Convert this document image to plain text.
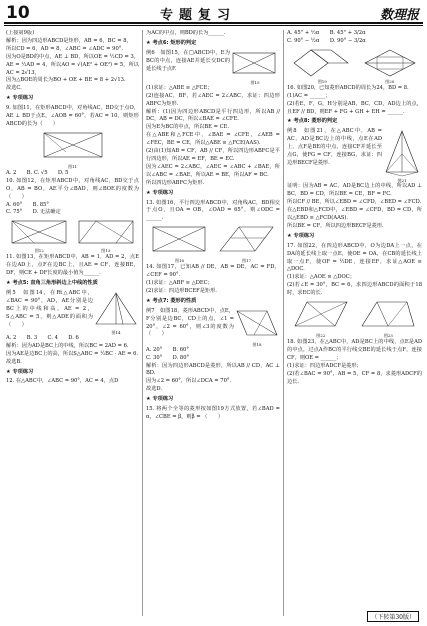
10	专题复习	数理报

(上接第9版)

解析：因为四边形ABCD是矩形，AB = 6，BC = 8，

所以CD = 6，AD = 8，∠ABC = ∠ADC = 90°.

因为O是BD的中点，AE ⊥ BD，所以OE = ½CD = 3，AE = ½AD = 4，所以AO = √(AE² + OE²) = 5，所以AC = 2√13，

因为△BOE的周长为BO + OE + BE = 8 + 2√13.

故选C.

★ 专项练习

9. 如图11，在矩形ABCD中，对角线AC，BD交于点O，AE ⊥ BD于点E，∠AOB = 60°，若AC = 10，则矩形ABCD的长为（　　）

图11

A. 2　　B. C. √5　　D. 5

10. 如图12，在矩形ABCD中，对角线AC，BD交于点O，AB = BO，AE平分∠BAD，则∠BOE的度数为（　　）

A. 60°　　B. 85°

C. 75°　　D. 无法确定

图12	图13

11. 如图13，在矩形ABCD中，AB = 1，AD = 2，点E在边AD上，点F在边BC上，且AE = CF，连接BE，DF，则CE + DF长度的最小值为______.

★ 考点5: 直角三角形斜边上中线的性质

例5　如图14，在Rt△ABC中，∠BAC = 90°，AD，AE分别是边BC上的中线和高，AE = 2，S△ABC = 5，则△ADE的面积为（　　）

图14

A. 2　　B. 3　　C. 4　　D. 6

解析：因为AD是BC上的中线，所以BC = 2AD = 6.

因为AE是边BC上的高，所以S△ABC = ½BC · AE = 6.

故选B.

★ 专项练习

12. 在△ABC中，∠ABC = 90°，AC = 4，点D

为AC的中点，则BD的长为______.

★ 考点6: 矩形的判定

例6　如图15，在□ABCD中，E为BC的中点，连接AE并延长交DC的延长线于点F.

图15

(1)求证：△ABE ≌ △FCE；

(2)连接AC，BF，若∠AEC = 2∠ABC，求证：四边形ABFC为矩形.

解析：(1)因为四边形ABCD是平行四边形，所以AB // DC，AB = DC，所以∠BAE = ∠CFE.

因为E为BC的中点，所以BE = CE.

在△ABE和△FCE中，∠BAE = ∠CFE，∠AEB = ∠FEC，BE = CE，所以△ABE ≌ △FCE(AAS).

(2)由(1)知AB = CF，AB // CF，所以四边形ABFC是平行四边形，所以AE = EF，BE = EC.

因为∠AEC = 2∠ABC，∠AEC = ∠ABC + ∠BAE，所以∠ABC = ∠BAE，所以AE = BE，所以AF = BC.

所以四边形ABFC为矩形.

★ 专项练习

13. 如图16，平行四边形ABCD中，对角线AC，BD相交于点O，且OA = OB，∠OAD = 65°，则∠ODC = ______.

图16	图17

14. 如图17，已知AB // DE，AB = DE，AC = FD，∠CEF = 90°.

(1)求证：△ABF ≌ △DEC；

(2)求证：四边形BCEF是矩形.

★ 考点7: 菱形的性质

例7　如图18，菱形ABCD中，点E，F分别是边BC，CD上的点，∠1 = 20°，∠2 = 60°，则∠3的度数为（　　）

图18

A. 20°　　B. 60°

C. 30°　　D. 80°

解析：因为四边形ABCD是菱形，所以AB // CD，AC ⊥ BD.

因为∠2 = 60°，所以∠DCA = 70°.

故选D.

★ 专项练习

15. 将两个全等的菱形按如图19方式放置，若∠BAD = α，∠CBE = β，则β = （　　）

A. 45° + ½α　　B. 45° + 3/2α

C. 90° − ½α　　D. 90° − 3/2α

图19	图20

16. 如图20，已知菱形ABCD的周长为24，BD = 8.

(1)AC = ______；

(2)若E，F，G，H分别是AB，BC，CD，AD边上的点，且EF // BD，则EF + FG + GH + EH = ______.

★ 考点8: 菱形的判定

例8　如图21，在△ABC中，AB = AC，AD是BC边上的中线，点E在AD上，点F是BE的中点，连接CF并延长至点G，使FG = CF，连接BG，求证：四边形BECF是菱形.

图21

证明：因为AB = AC，AD是BC边上的中线，所以AD ⊥ BC，BD = CD，所以BE = CE，BF = FC.

所以CF // BE，所以∠EBD = ∠CFD，∠BED = ∠FCD.

在△EBD和△FCD中，∠EBD = ∠CFD，BD = CD，所以△EBD ≌ △FCD(AAS).

所以BE = CF，所以四边形BECF是菱形.

★ 专项练习

17. 如图22，在四边形ABCD中，O为边DA上一点，在DA的延长线上取一点E，使OE = OA，在CB的延长线上取一点F，使OF = ½DE，连接EF，求证△AOE ≌ △DOC.

(1)求证：△AOE ≌ △DOC；

(2)若∠E = 30°，BC = 6，求四边形ABCD的面积于18时，求EC的长.

图22	图23

18. 如图23，在△ABC中，AD是BC上的中线，点E是AD的中点，过点A作BC的平行线交BE的延长线于点F，连接CF，则OE = ______；

(1)求证：四边形ADCF是菱形；

(2)若∠BAC = 90°，AB = 5，CF = 8，求菱形ADCF的边长.

（下转第30版）
